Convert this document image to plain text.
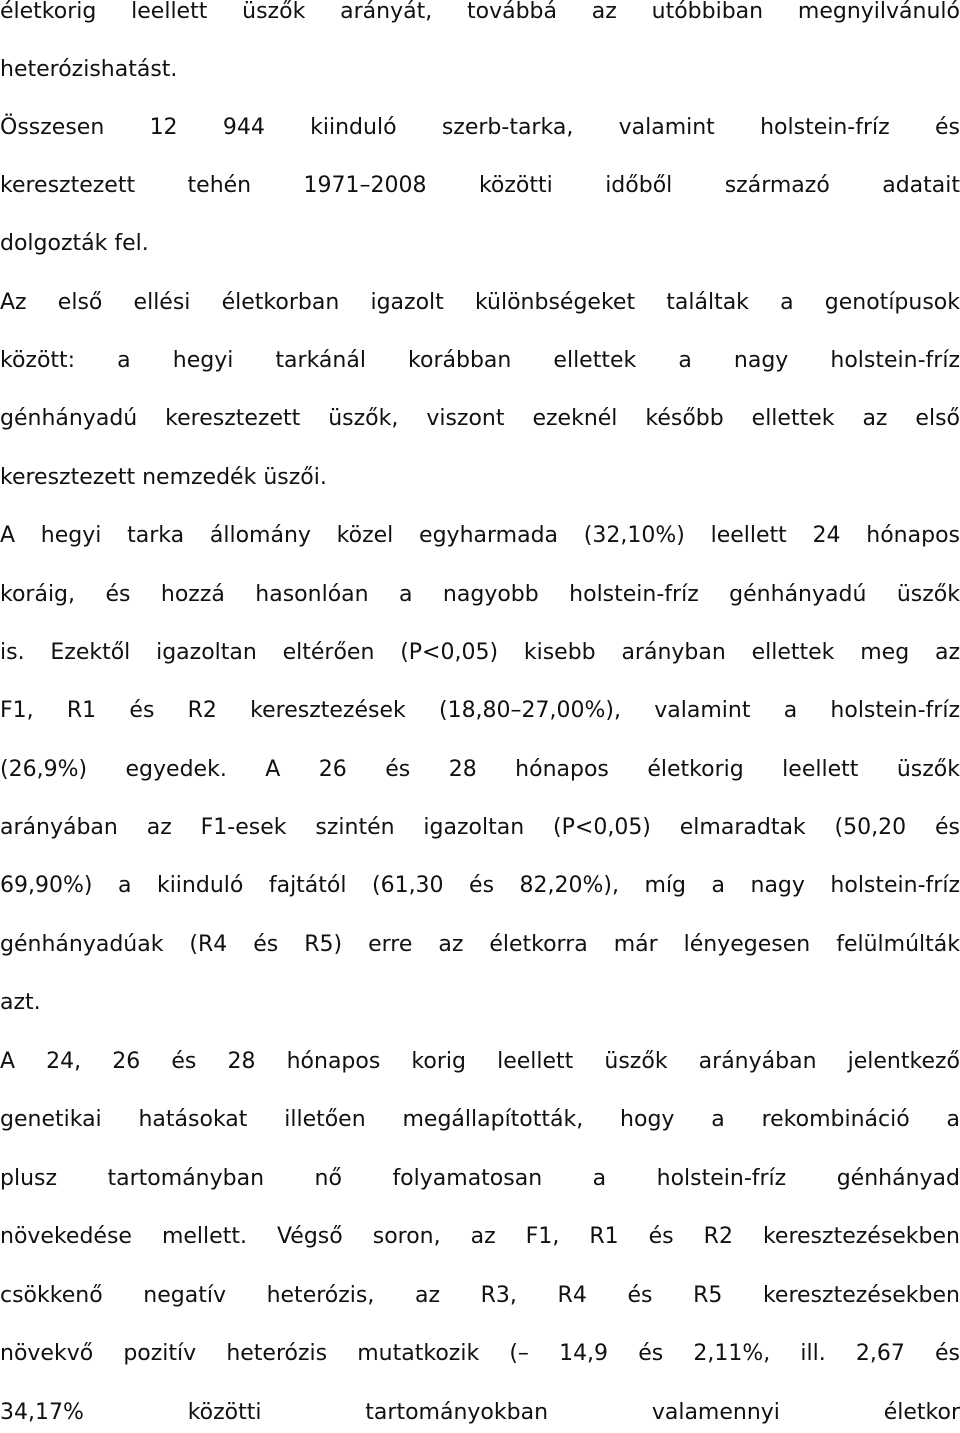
életkorig leellett üszők arányát, továbbá az utóbbiban megnyilvánuló
heterózishatást.
Összesen 12 944 kiinduló szerb-tarka, valamint holstein-fríz és
keresztezett tehén 1971–2008 közötti időből származó adatait
dolgozták fel.
Az első ellési életkorban igazolt különbségeket találtak a genotípusok
között: a hegyi tarkánál korábban ellettek a nagy holstein-fríz
génhányadú keresztezett üszők, viszont ezeknél később ellettek az első
keresztezett nemzedék üszői.
A hegyi tarka állomány közel egyharmada (32,10%) leellett 24 hónapos
koráig, és hozzá hasonlóan a nagyobb holstein-fríz génhányadú üszők
is. Ezektől igazoltan eltérően (P<0,05) kisebb arányban ellettek meg az
F1, R1 és R2 keresztezések (18,80–27,00%), valamint a holstein-fríz
(26,9%) egyedek. A 26 és 28 hónapos életkorig leellett üszők
arányában az F1-esek szintén igazoltan (P<0,05) elmaradtak (50,20 és
69,90%) a kiinduló fajtától (61,30 és 82,20%), míg a nagy holstein-fríz
génhányadúak (R4 és R5) erre az életkorra már lényegesen felülmúlták
azt.
A 24, 26 és 28 hónapos korig leellett üszők arányában jelentkező
genetikai hatásokat illetően megállapították, hogy a rekombináció a
plusz tartományban nő folyamatosan a holstein-fríz génhányad
növekedése mellett. Végső soron, az F1, R1 és R2 keresztezésekben
csökkenő negatív heterózis, az R3, R4 és R5 keresztezésekben
növekvő pozitív heterózis mutatkozik (– 14,9 és 2,11%, ill. 2,67 és
34,17% közötti tartományokban valamennyi életkor
